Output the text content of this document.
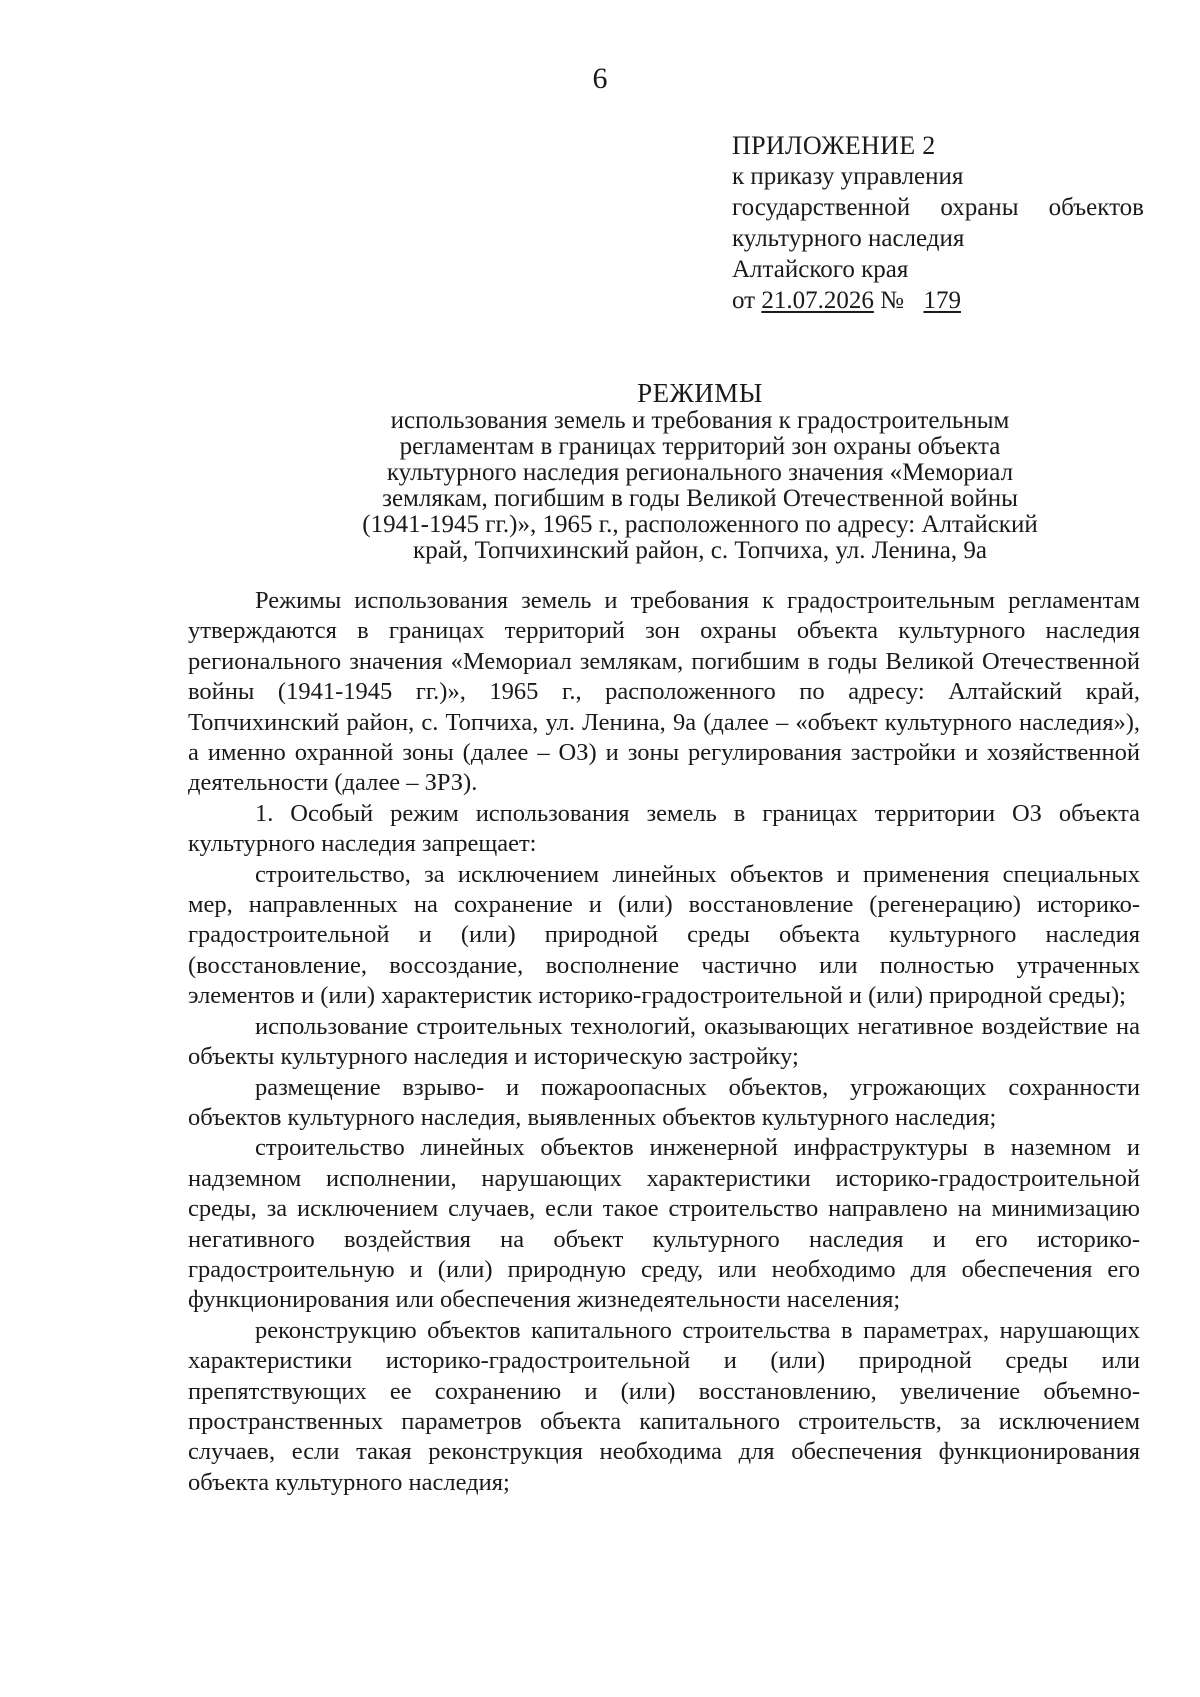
6
ПРИЛОЖЕНИЕ 2
к приказу управления
государственной охраны объектов
культурного наследия
Алтайского края
от 21.07.2026 № 179
РЕЖИМЫ
использования земель и требования к градостроительным
регламентам в границах территорий зон охраны объекта
культурного наследия регионального значения «Мемориал
землякам, погибшим в годы Великой Отечественной войны
(1941-1945 гг.)», 1965 г., расположенного по адресу: Алтайский
край, Топчихинский район, с. Топчиха, ул. Ленина, 9а

Режимы использования земель и требования к градостроительным регламентам утверждаются в границах территорий зон охраны объекта культурного наследия регионального значения «Мемориал землякам, погибшим в годы Великой Отечественной войны (1941-1945 гг.)», 1965 г., расположенного по адресу: Алтайский край, Топчихинский район, с. Топчиха, ул. Ленина, 9а (далее – «объект культурного наследия»), а именно охранной зоны (далее – ОЗ) и зоны регулирования застройки и хозяйственной деятельности (далее – ЗРЗ).

1. Особый режим использования земель в границах территории ОЗ объекта культурного наследия запрещает:

строительство, за исключением линейных объектов и применения специальных мер, направленных на сохранение и (или) восстановление (регенерацию) историко-градостроительной и (или) природной среды объекта культурного наследия (восстановление, воссоздание, восполнение частично или полностью утраченных элементов и (или) характеристик историко-градостроительной и (или) природной среды);

использование строительных технологий, оказывающих негативное воздействие на объекты культурного наследия и историческую застройку;

размещение взрыво- и пожароопасных объектов, угрожающих сохранности объектов культурного наследия, выявленных объектов культурного наследия;

строительство линейных объектов инженерной инфраструктуры в наземном и надземном исполнении, нарушающих характеристики историко-градостроительной среды, за исключением случаев, если такое строительство направлено на минимизацию негативного воздействия на объект культурного наследия и его историко-градостроительную и (или) природную среду, или необходимо для обеспечения его функционирования или обеспечения жизнедеятельности населения;

реконструкцию объектов капитального строительства в параметрах, нарушающих характеристики историко-градостроительной и (или) природной среды или препятствующих ее сохранению и (или) восстановлению, увеличение объемно-пространственных параметров объекта капитального строительств, за исключением случаев, если такая реконструкция необходима для обеспечения функционирования объекта культурного наследия;
